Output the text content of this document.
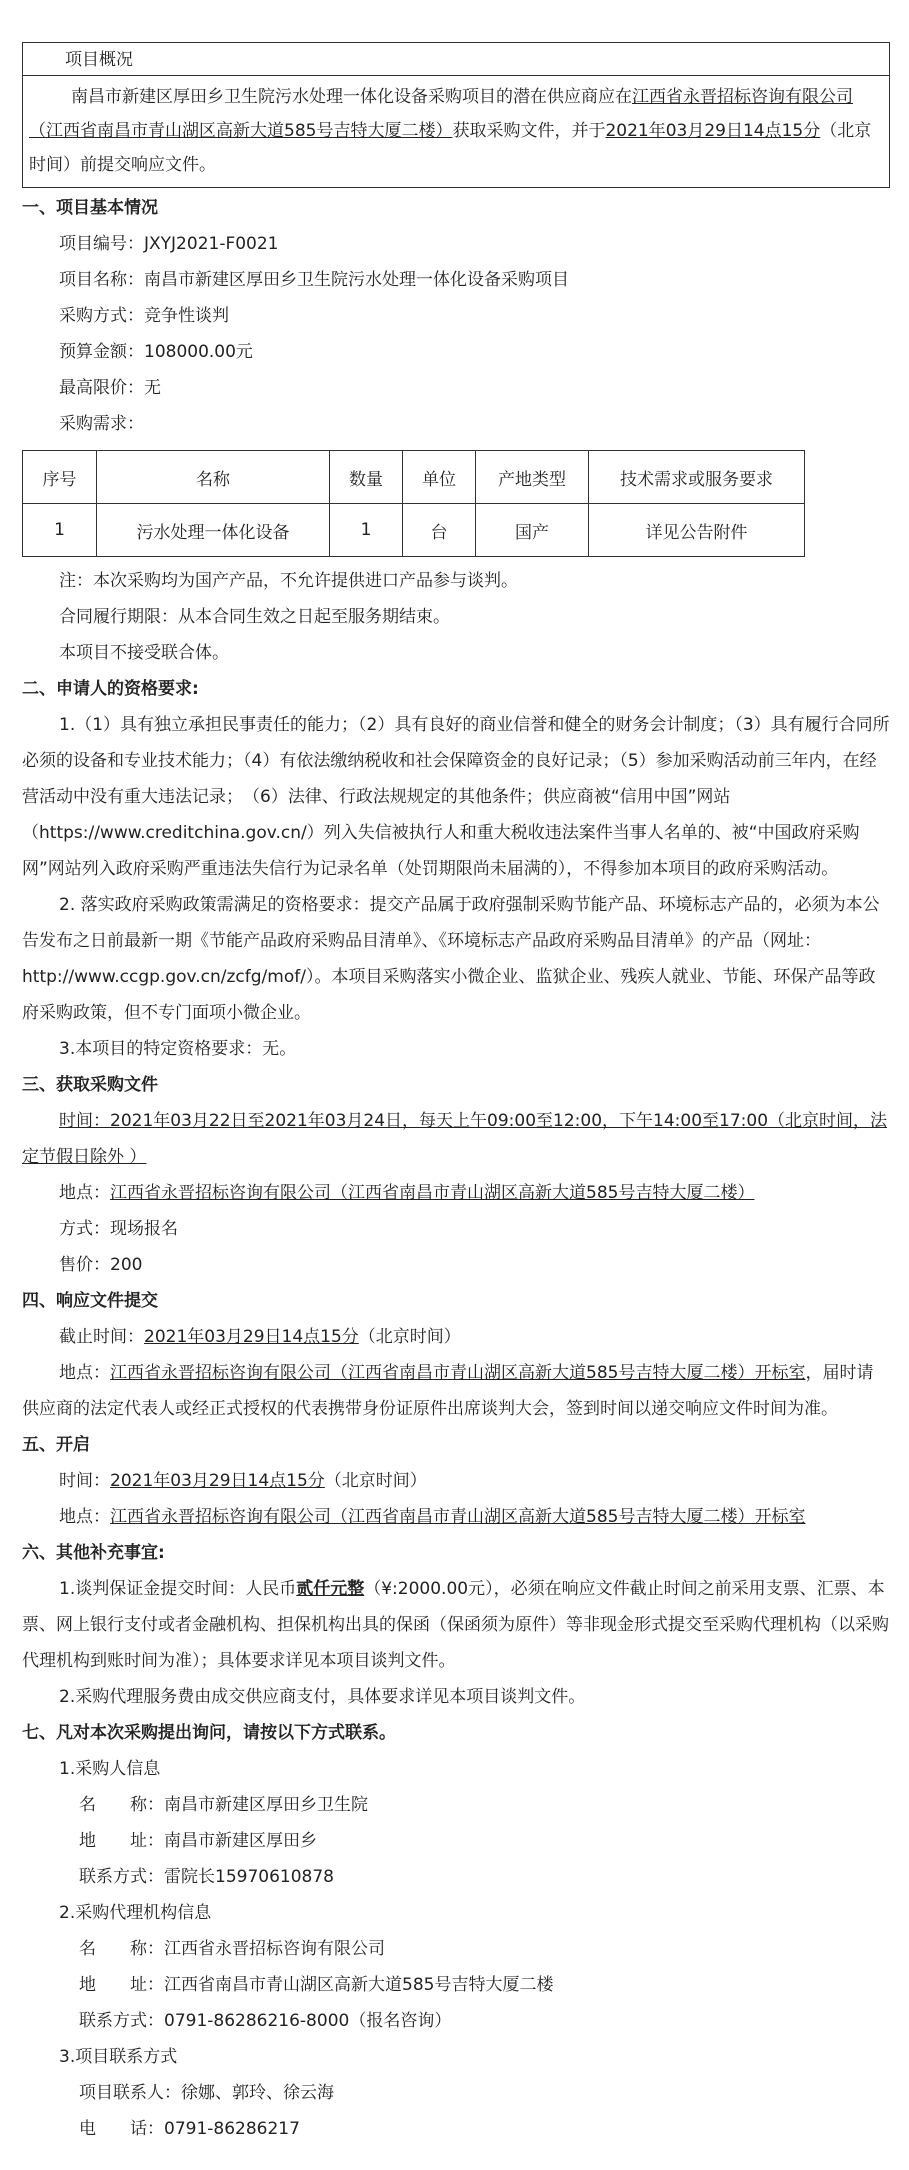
项目概况
南昌市新建区厚田乡卫生院污水处理一体化设备采购项目的潜在供应商应在江西省永晋招标咨询有限公司（江西省南昌市青山湖区高新大道585号吉特大厦二楼）获取采购文件，并于2021年03月29日14点15分（北京时间）前提交响应文件。
一、项目基本情况
项目编号：JXYJ2021-F0021
项目名称：南昌市新建区厚田乡卫生院污水处理一体化设备采购项目
采购方式：竞争性谈判
预算金额：108000.00元
最高限价：无
采购需求：
序号	名称	数量	单位	产地类型	技术需求或服务要求
1	污水处理一体化设备	1	台	国产	详见公告附件
注：本次采购均为国产产品，不允许提供进口产品参与谈判。
合同履行期限：从本合同生效之日起至服务期结束。
本项目不接受联合体。
二、申请人的资格要求:
1.（1）具有独立承担民事责任的能力；（2）具有良好的商业信誉和健全的财务会计制度；（3）具有履行合同所必须的设备和专业技术能力；（4）有依法缴纳税收和社会保障资金的良好记录；（5）参加采购活动前三年内，在经营活动中没有重大违法记录；　（6）法律、行政法规规定的其他条件；供应商被“信用中国”网站（https://www.creditchina.gov.cn/）列入失信被执行人和重大税收违法案件当事人名单的、被“中国政府采购网”网站列入政府采购严重违法失信行为记录名单（处罚期限尚未届满的），不得参加本项目的政府采购活动。
2. 落实政府采购政策需满足的资格要求：提交产品属于政府强制采购节能产品、环境标志产品的，必须为本公告发布之日前最新一期《节能产品政府采购品目清单》、《环境标志产品政府采购品目清单》的产品（网址：http://www.ccgp.gov.cn/zcfg/mof/）。本项目采购落实小微企业、监狱企业、残疾人就业、节能、环保产品等政府采购政策，但不专门面项小微企业。
3.本项目的特定资格要求：无。
三、获取采购文件
时间：2021年03月22日至2021年03月24日，每天上午09:00至12:00，下午14:00至17:00（北京时间，法定节假日除外 ）
地点：江西省永晋招标咨询有限公司（江西省南昌市青山湖区高新大道585号吉特大厦二楼）
方式：现场报名
售价：200
四、响应文件提交
截止时间：2021年03月29日14点15分（北京时间）
地点：江西省永晋招标咨询有限公司（江西省南昌市青山湖区高新大道585号吉特大厦二楼）开标室，届时请供应商的法定代表人或经正式授权的代表携带身份证原件出席谈判大会，签到时间以递交响应文件时间为准。
五、开启
时间：2021年03月29日14点15分（北京时间）
地点：江西省永晋招标咨询有限公司（江西省南昌市青山湖区高新大道585号吉特大厦二楼）开标室
六、其他补充事宜:
1.谈判保证金提交时间：人民币贰仟元整（¥:2000.00元），必须在响应文件截止时间之前采用支票、汇票、本票、网上银行支付或者金融机构、担保机构出具的保函（保函须为原件）等非现金形式提交至采购代理机构（以采购代理机构到账时间为准）；具体要求详见本项目谈判文件。
2.采购代理服务费由成交供应商支付，具体要求详见本项目谈判文件。
七、凡对本次采购提出询问，请按以下方式联系。
1.采购人信息
名　　称：南昌市新建区厚田乡卫生院
地　　址：南昌市新建区厚田乡
联系方式：雷院长15970610878
2.采购代理机构信息
名　　称：江西省永晋招标咨询有限公司
地　　址：江西省南昌市青山湖区高新大道585号吉特大厦二楼
联系方式：0791-86286216-8000（报名咨询）
3.项目联系方式
项目联系人：徐娜、郭玲、徐云海
电　　话：0791-86286217
